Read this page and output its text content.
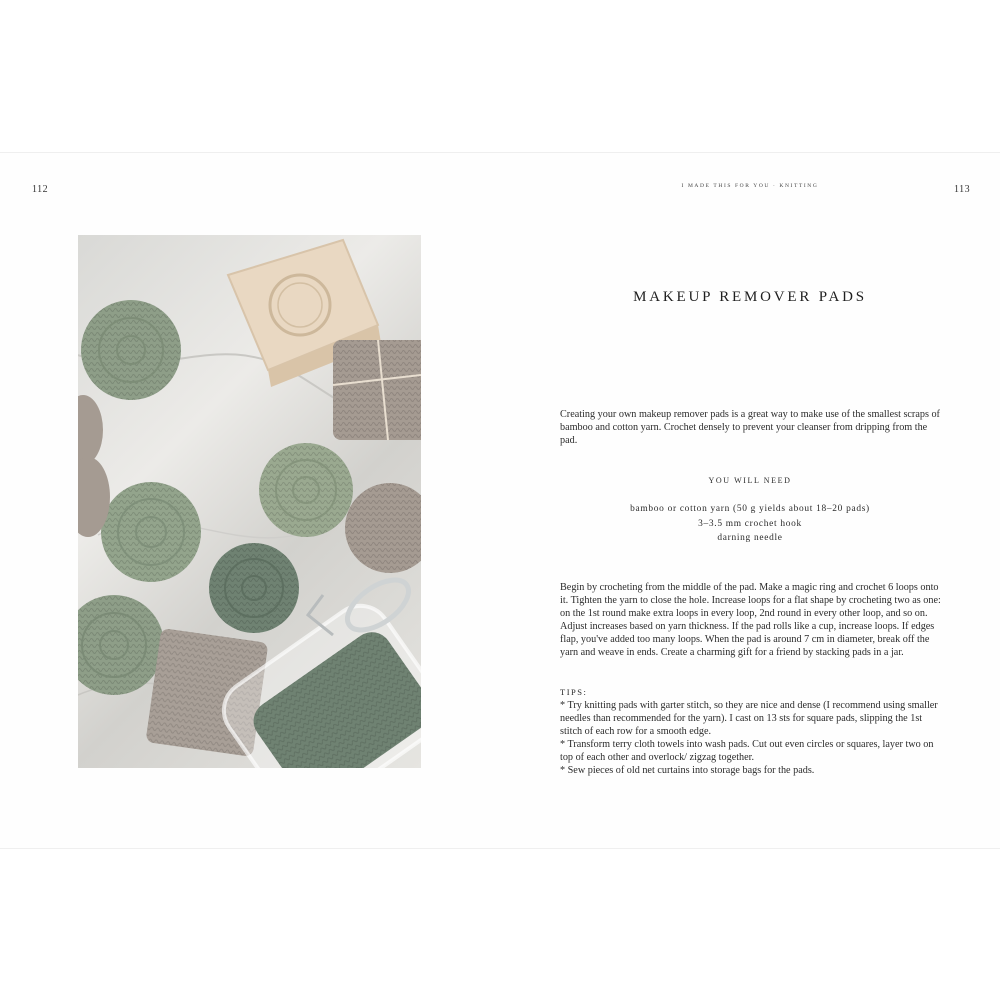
112	I MADE THIS FOR YOU · KNITTING	113
MAKEUP REMOVER PADS
Creating your own makeup remover pads is a great way to make use of the smallest scraps of bamboo and cotton yarn. Crochet densely to prevent your cleanser from dripping from the pad.
YOU WILL NEED
bamboo or cotton yarn (50 g yields about 18–20 pads)
3–3.5 mm crochet hook
darning needle
Begin by crocheting from the middle of the pad. Make a magic ring and crochet 6 loops onto it. Tighten the yarn to close the hole. Increase loops for a flat shape by crocheting two as one: on the 1st round make extra loops in every loop, 2nd round in every other loop, and so on. Adjust increases based on yarn thickness. If the pad rolls like a cup, increase loops. If edges flap, you've added too many loops. When the pad is around 7 cm in diameter, break off the yarn and weave in ends. Create a charming gift for a friend by stacking pads in a jar.
TIPS:

* Try knitting pads with garter stitch, so they are nice and dense (I recommend using smaller needles than recommended for the yarn). I cast on 13 sts for square pads, slipping the 1st stitch of each row for a smooth edge.

* Transform terry cloth towels into wash pads. Cut out even circles or squares, layer two on top of each other and overlock/ zigzag together.

* Sew pieces of old net curtains into storage bags for the pads.
